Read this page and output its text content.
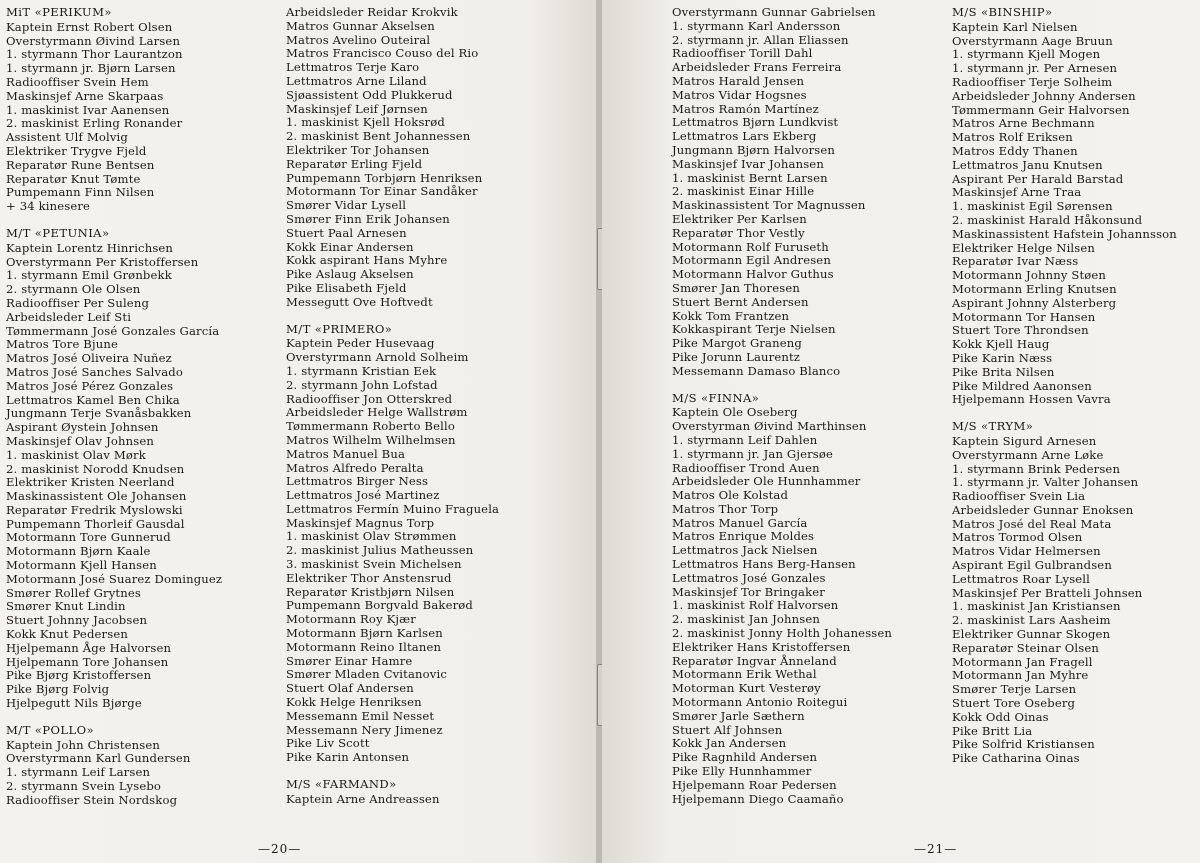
MiT «PERIKUM»
Kaptein Ernst Robert Olsen
Overstyrmann Øivind Larsen
1. styrmann Thor Laurantzon
1. styrmann jr. Bjørn Larsen
Radiooffiser Svein Hem
Maskinsjef Arne Skarpaas
1. maskinist Ivar Aanensen
2. maskinist Erling Ronander
Assistent Ulf Molvig
Elektriker Trygve Fjeld
Reparatør Rune Bentsen
Reparatør Knut Tømte
Pumpemann Finn Nilsen
+ 34 kinesere
M/T «PETUNIA»
Kaptein Lorentz Hinrichsen
Overstyrmann Per Kristoffersen
1. styrmann Emil Grønbekk
2. styrmann Ole Olsen
Radiooffiser Per Suleng
Arbeidsleder Leif Sti
Tømmermann José Gonzales García
Matros Tore Bjune
Matros José Oliveira Nuñez
Matros José Sanches Salvado
Matros José Pérez Gonzales
Lettmatros Kamel Ben Chika
Jungmann Terje Svanåsbakken
Aspirant Øystein Johnsen
Maskinsjef Olav Johnsen
1. maskinist Olav Mørk
2. maskinist Norodd Knudsen
Elektriker Kristen Neerland
Maskinassistent Ole Johansen
Reparatør Fredrik Myslowski
Pumpemann Thorleif Gausdal
Motormann Tore Gunnerud
Motormann Bjørn Kaale
Motormann Kjell Hansen
Motormann José Suarez Dominguez
Smører Rollef Grytnes
Smører Knut Lindin
Stuert Johnny Jacobsen
Kokk Knut Pedersen
Hjelpemann Åge Halvorsen
Hjelpemann Tore Johansen
Pike Bjørg Kristoffersen
Pike Bjørg Folvig
Hjelpegutt Nils Bjørge
M/T «POLLO»
Kaptein John Christensen
Overstyrmann Karl Gundersen
1. styrmann Leif Larsen
2. styrmann Svein Lysebo
Radiooffiser Stein Nordskog
Arbeidsleder Reidar Krokvik
Matros Gunnar Akselsen
Matros Avelino Outeiral
Matros Francisco Couso del Rio
Lettmatros Terje Karo
Lettmatros Arne Liland
Sjøassistent Odd Plukkerud
Maskinsjef Leif Jørnsen
1. maskinist Kjell Hoksrød
2. maskinist Bent Johannessen
Elektriker Tor Johansen
Reparatør Erling Fjeld
Pumpemann Torbjørn Henriksen
Motormann Tor Einar Sandåker
Smører Vidar Lysell
Smører Finn Erik Johansen
Stuert Paal Arnesen
Kokk Einar Andersen
Kokk aspirant Hans Myhre
Pike Aslaug Akselsen
Pike Elisabeth Fjeld
Messegutt Ove Hoftvedt
M/T «PRIMERO»
Kaptein Peder Husevaag
Overstyrmann Arnold Solheim
1. styrmann Kristian Eek
2. styrmann John Lofstad
Radiooffiser Jon Otterskred
Arbeidsleder Helge Wallstrøm
Tømmermann Roberto Bello
Matros Wilhelm Wilhelmsen
Matros Manuel Bua
Matros Alfredo Peralta
Lettmatros Birger Ness
Lettmatros José Martinez
Lettmatros Fermín Muino Fraguela
Maskinsjef Magnus Torp
1. maskinist Olav Strømmen
2. maskinist Julius Matheussen
3. maskinist Svein Michelsen
Elektriker Thor Anstensrud
Reparatør Kristbjørn Nilsen
Pumpemann Borgvald Bakerød
Motormann Roy Kjær
Motormann Bjørn Karlsen
Motormann Reino Iltanen
Smører Einar Hamre
Smører Mladen Cvitanovic
Stuert Olaf Andersen
Kokk Helge Henriksen
Messemann Emil Nesset
Messemann Nery Jimenez
Pike Liv Scott
Pike Karin Antonsen
M/S «FARMAND»
Kaptein Arne Andreassen
—20—
Overstyrmann Gunnar Gabrielsen
1. styrmann Karl Andersson
2. styrmann jr. Allan Eliassen
Radiooffiser Torill Dahl
Arbeidsleder Frans Ferreira
Matros Harald Jensen
Matros Vidar Hogsnes
Matros Ramón Martínez
Lettmatros Bjørn Lundkvist
Lettmatros Lars Ekberg
Jungmann Bjørn Halvorsen
Maskinsjef Ivar Johansen
1. maskinist Bernt Larsen
2. maskinist Einar Hille
Maskinassistent Tor Magnussen
Elektriker Per Karlsen
Reparatør Thor Vestly
Motormann Rolf Furuseth
Motormann Egil Andresen
Motormann Halvor Guthus
Smører Jan Thoresen
Stuert Bernt Andersen
Kokk Tom Frantzen
Kokkaspirant Terje Nielsen
Pike Margot Graneng
Pike Jorunn Laurentz
Messemann Damaso Blanco
M/S «FINNA»
Kaptein Ole Oseberg
Overstyrman Øivind Marthinsen
1. styrmann Leif Dahlen
1. styrmann jr. Jan Gjersøe
Radiooffiser Trond Auen
Arbeidsleder Ole Hunnhammer
Matros Ole Kolstad
Matros Thor Torp
Matros Manuel García
Matros Enrique Moldes
Lettmatros Jack Nielsen
Lettmatros Hans Berg-Hansen
Lettmatros José Gonzales
Maskinsjef Tor Bringaker
1. maskinist Rolf Halvorsen
2. maskinist Jan Johnsen
2. maskinist Jonny Holth Johanessen
Elektriker Hans Kristoffersen
Reparatør Ingvar Ånneland
Motormann Erik Wethal
Motorman Kurt Vesterøy
Motormann Antonio Roitegui
Smører Jarle Sæthern
Stuert Alf Johnsen
Kokk Jan Andersen
Pike Ragnhild Andersen
Pike Elly Hunnhammer
Hjelpemann Roar Pedersen
Hjelpemann Diego Caamaño
M/S «BINSHIP»
Kaptein Karl Nielsen
Overstyrmann Aage Bruun
1. styrmann Kjell Mogen
1. styrmann jr. Per Arnesen
Radiooffiser Terje Solheim
Arbeidsleder Johnny Andersen
Tømmermann Geir Halvorsen
Matros Arne Bechmann
Matros Rolf Eriksen
Matros Eddy Thanen
Lettmatros Janu Knutsen
Aspirant Per Harald Barstad
Maskinsjef Arne Traa
1. maskinist Egil Sørensen
2. maskinist Harald Håkonsund
Maskinassistent Hafstein Johannsson
Elektriker Helge Nilsen
Reparatør Ivar Næss
Motormann Johnny Støen
Motormann Erling Knutsen
Aspirant Johnny Alsterberg
Motormann Tor Hansen
Stuert Tore Throndsen
Kokk Kjell Haug
Pike Karin Næss
Pike Brita Nilsen
Pike Mildred Aanonsen
Hjelpemann Hossen Vavra
M/S «TRYM»
Kaptein Sigurd Arnesen
Overstyrmann Arne Løke
1. styrmann Brink Pedersen
1. styrmann jr. Valter Johansen
Radiooffiser Svein Lia
Arbeidsleder Gunnar Enoksen
Matros José del Real Mata
Matros Tormod Olsen
Matros Vidar Helmersen
Aspirant Egil Gulbrandsen
Lettmatros Roar Lysell
Maskinsjef Per Bratteli Johnsen
1. maskinist Jan Kristiansen
2. maskinist Lars Aasheim
Elektriker Gunnar Skogen
Reparatør Steinar Olsen
Motormann Jan Fragell
Motormann Jan Myhre
Smører Terje Larsen
Stuert Tore Oseberg
Kokk Odd Oinas
Pike Britt Lia
Pike Solfrid Kristiansen
Pike Catharina Oinas
—21—
